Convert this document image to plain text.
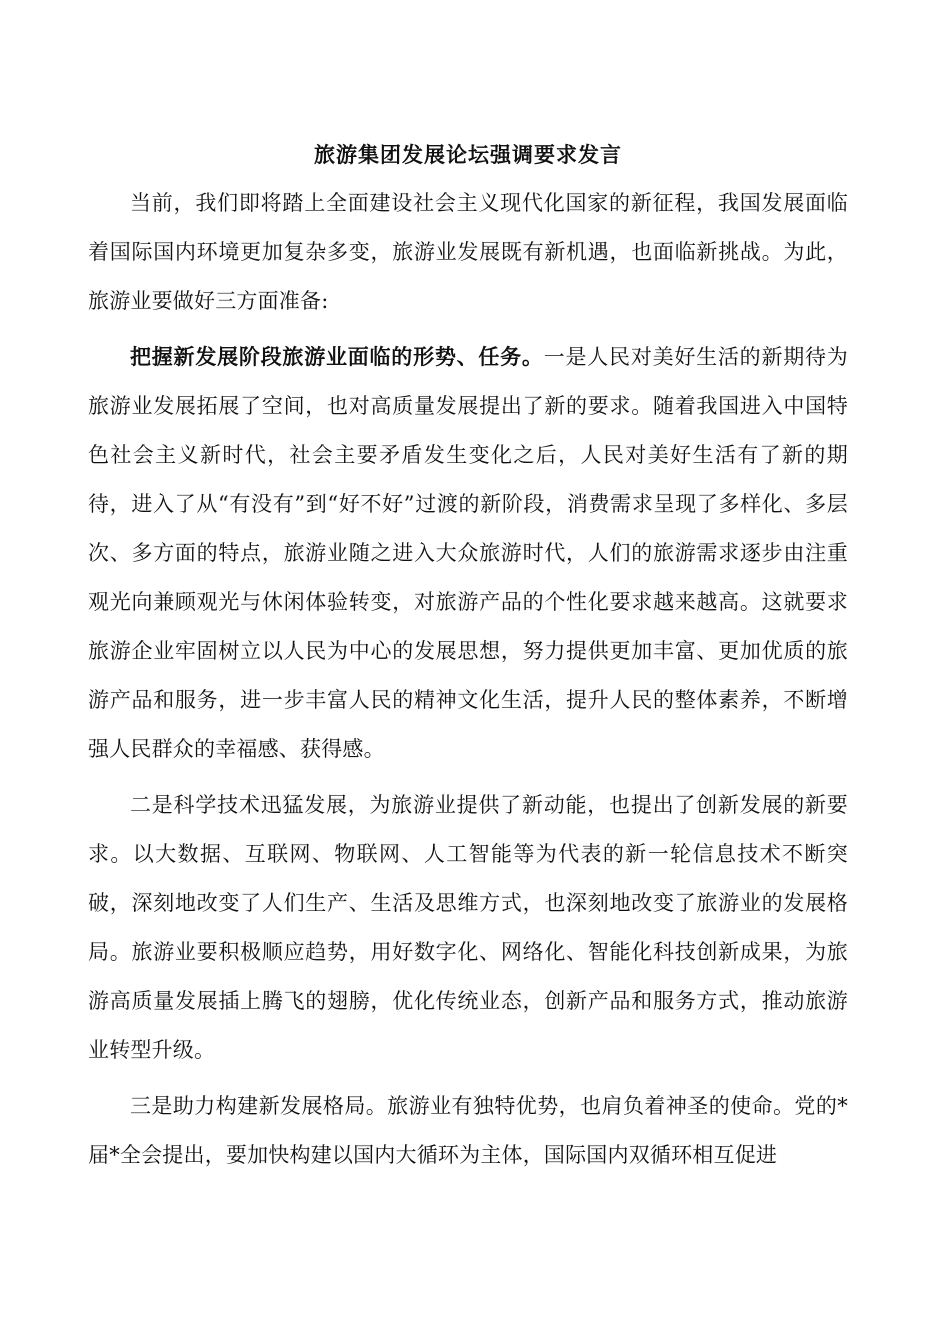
旅游集团发展论坛强调要求发言

当前，我们即将踏上全面建设社会主义现代化国家的新征程，我国发展面临着国际国内环境更加复杂多变，旅游业发展既有新机遇，也面临新挑战。为此，旅游业要做好三方面准备:

把握新发展阶段旅游业面临的形势、任务。一是人民对美好生活的新期待为旅游业发展拓展了空间，也对高质量发展提出了新的要求。随着我国进入中国特色社会主义新时代，社会主要矛盾发生变化之后，人民对美好生活有了新的期待，进入了从“有没有”到“好不好”过渡的新阶段，消费需求呈现了多样化、多层次、多方面的特点，旅游业随之进入大众旅游时代，人们的旅游需求逐步由注重观光向兼顾观光与休闲体验转变，对旅游产品的个性化要求越来越高。这就要求旅游企业牢固树立以人民为中心的发展思想，努力提供更加丰富、更加优质的旅游产品和服务，进一步丰富人民的精神文化生活，提升人民的整体素养，不断增强人民群众的幸福感、获得感。

二是科学技术迅猛发展，为旅游业提供了新动能，也提出了创新发展的新要求。以大数据、互联网、物联网、人工智能等为代表的新一轮信息技术不断突破，深刻地改变了人们生产、生活及思维方式，也深刻地改变了旅游业的发展格局。旅游业要积极顺应趋势，用好数字化、网络化、智能化科技创新成果，为旅游高质量发展插上腾飞的翅膀，优化传统业态，创新产品和服务方式，推动旅游业转型升级。

三是助力构建新发展格局。旅游业有独特优势，也肩负着神圣的使命。党的*届*全会提出，要加快构建以国内大循环为主体，国际国内双循环相互促进
